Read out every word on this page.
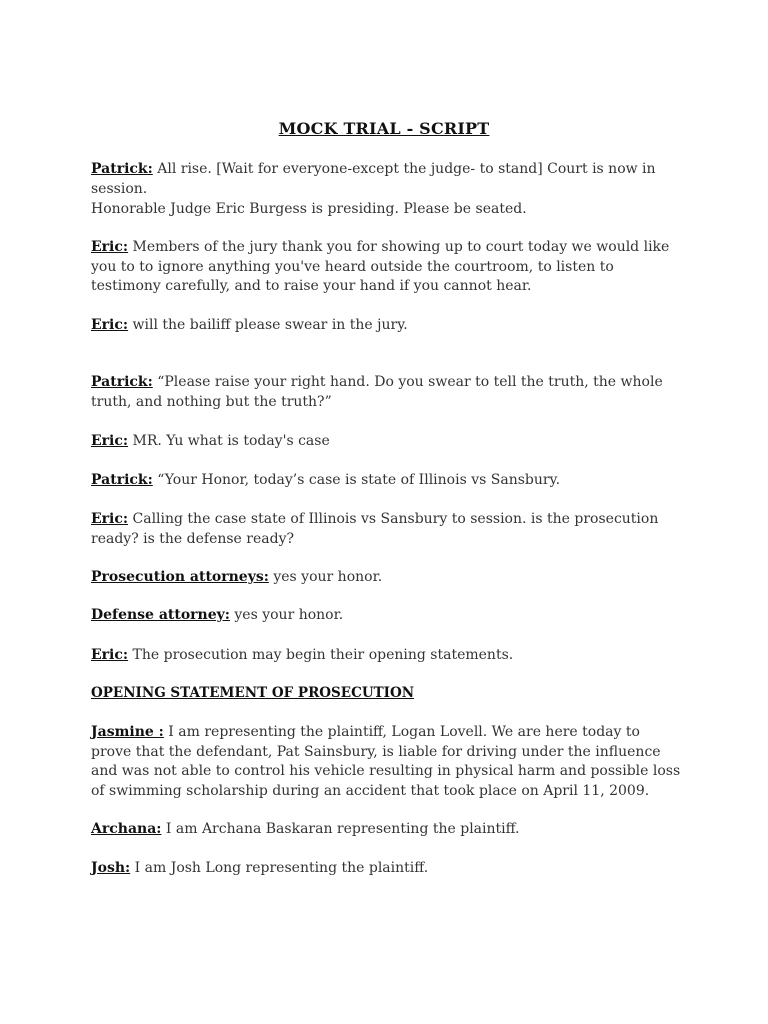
MOCK TRIAL - SCRIPT

Patrick: All rise. [Wait for everyone-except the judge- to stand] Court is now in session.

Honorable Judge Eric Burgess is presiding. Please be seated.

Eric: Members of the jury thank you for showing up to court today we would like you to to ignore anything you've heard outside the courtroom, to listen to testimony carefully, and to raise your hand if you cannot hear.

Eric: will the bailiff please swear in the jury.

Patrick: “Please raise your right hand. Do you swear to tell the truth, the whole truth, and nothing but the truth?”

Eric: MR. Yu what is today's case

Patrick: “Your Honor, today’s case is state of Illinois vs Sansbury.

Eric: Calling the case state of Illinois vs Sansbury to session. is the prosecution ready? is the defense ready?

Prosecution attorneys: yes your honor.

Defense attorney: yes your honor.

Eric: The prosecution may begin their opening statements.

OPENING STATEMENT OF PROSECUTION

Jasmine : I am representing the plaintiff, Logan Lovell. We are here today to prove that the defendant, Pat Sainsbury, is liable for driving under the influence and was not able to control his vehicle resulting in physical harm and possible loss of swimming scholarship during an accident that took place on April 11, 2009.

Archana: I am Archana Baskaran representing the plaintiff.

Josh: I am Josh Long representing the plaintiff.
